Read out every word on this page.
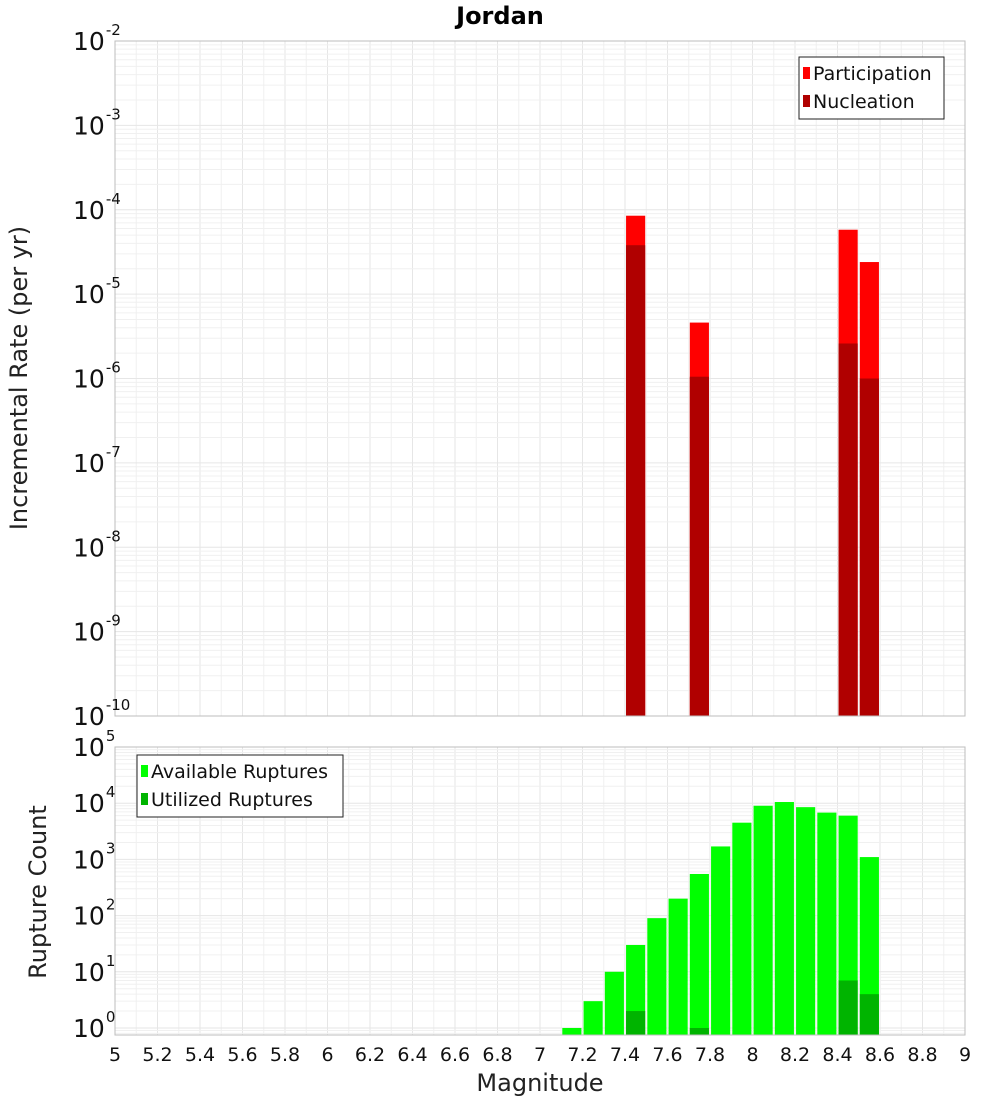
Jordan
$10^{-10}$
$10^{-9}$
$10^{-8}$
$10^{-7}$
$10^{-6}$
$10^{-5}$
$10^{-4}$
$10^{-3}$
$10^{-2}$
Participation
Nucleation
$10^0$
$10^1$
$10^2$
$10^3$
$10^4$
$10^5$
Available Ruptures
Utilized Ruptures
5 5.2 5.4 5.6 5.8 6 6.2 6.4 6.6 6.8 7 7.2 7.4 7.6 7.8 8 8.2 8.4 8.6 8.8 9
Incremental Rate (per yr)
Rupture Count
Magnitude
